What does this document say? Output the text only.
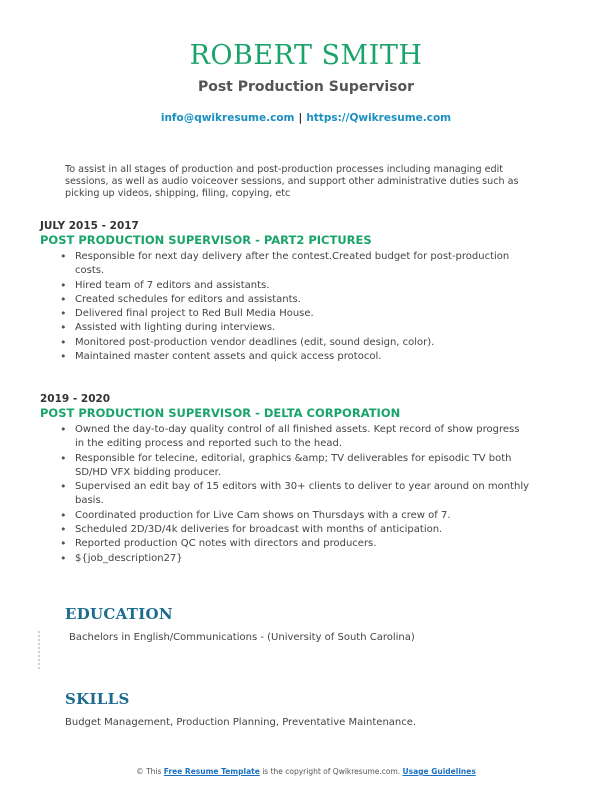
ROBERT SMITH
Post Production Supervisor
info@qwikresume.com | https://Qwikresume.com
To assist in all stages of production and post-production processes including managing edit sessions, as well as audio voiceover sessions, and support other administrative duties such as picking up videos, shipping, filing, copying, etc
JULY 2015 - 2017
POST PRODUCTION SUPERVISOR - PART2 PICTURES
• Responsible for next day delivery after the contest.Created budget for post-production costs.
• Hired team of 7 editors and assistants.
• Created schedules for editors and assistants.
• Delivered final project to Red Bull Media House.
• Assisted with lighting during interviews.
• Monitored post-production vendor deadlines (edit, sound design, color).
• Maintained master content assets and quick access protocol.
2019 - 2020
POST PRODUCTION SUPERVISOR - DELTA CORPORATION
• Owned the day-to-day quality control of all finished assets. Kept record of show progress in the editing process and reported such to the head.
• Responsible for telecine, editorial, graphics &amp; TV deliverables for episodic TV both SD/HD VFX bidding producer.
• Supervised an edit bay of 15 editors with 30+ clients to deliver to year around on monthly basis.
• Coordinated production for Live Cam shows on Thursdays with a crew of 7.
• Scheduled 2D/3D/4k deliveries for broadcast with months of anticipation.
• Reported production QC notes with directors and producers.
• ${job_description27}
EDUCATION
Bachelors in English/Communications - (University of South Carolina)
SKILLS
Budget Management, Production Planning, Preventative Maintenance.
© This Free Resume Template is the copyright of Qwikresume.com. Usage Guidelines
